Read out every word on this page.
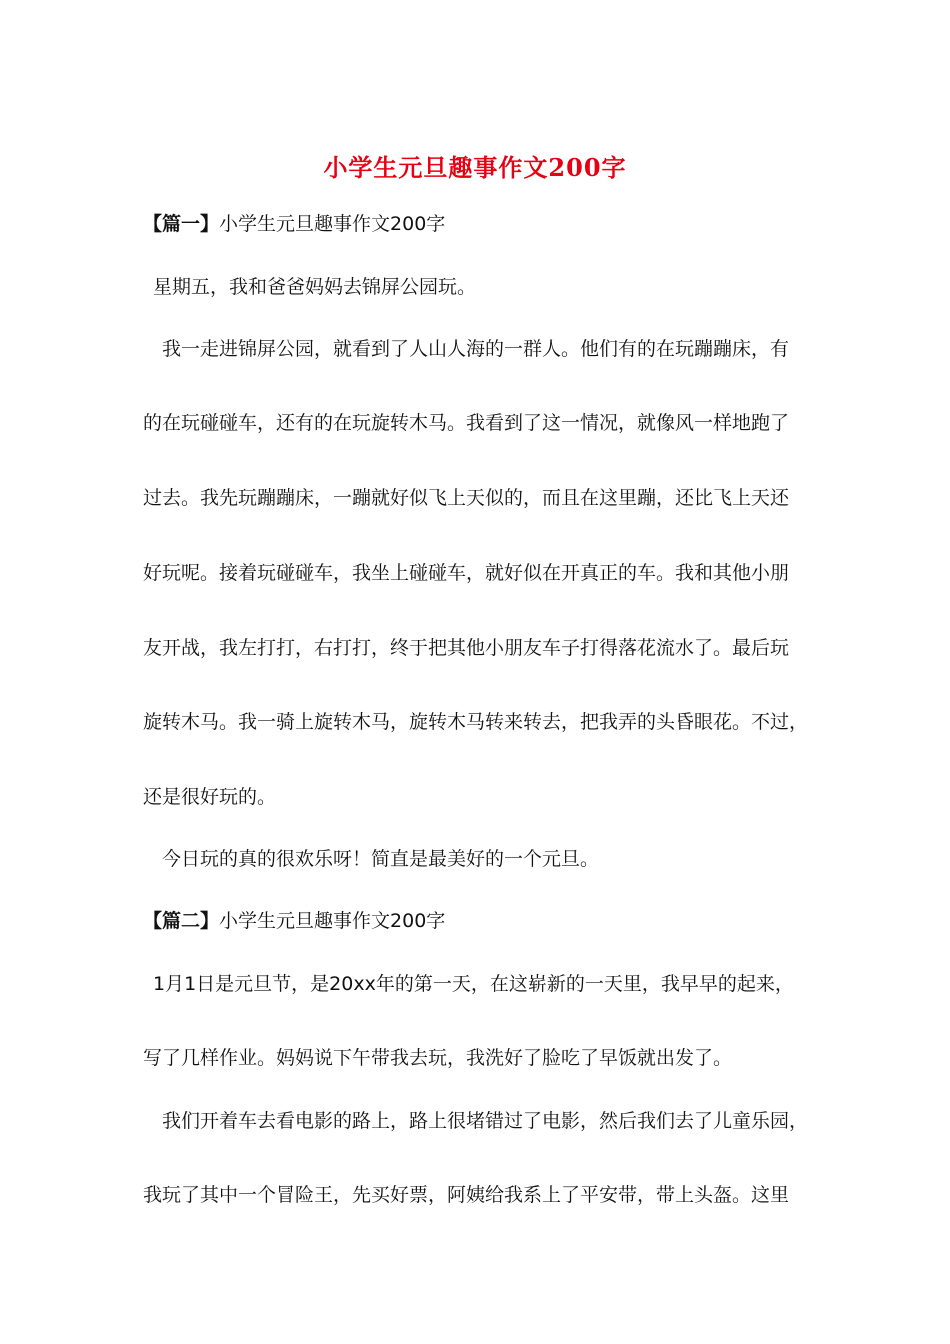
小学生元旦趣事作文200字
【篇一】小学生元旦趣事作文200字
星期五，我和爸爸妈妈去锦屏公园玩。
我一走进锦屏公园，就看到了人山人海的一群人。他们有的在玩蹦蹦床，有
的在玩碰碰车，还有的在玩旋转木马。我看到了这一情况，就像风一样地跑了
过去。我先玩蹦蹦床，一蹦就好似飞上天似的，而且在这里蹦，还比飞上天还
好玩呢。接着玩碰碰车，我坐上碰碰车，就好似在开真正的车。我和其他小朋
友开战，我左打打，右打打，终于把其他小朋友车子打得落花流水了。最后玩
旋转木马。我一骑上旋转木马，旋转木马转来转去，把我弄的头昏眼花。不过，
还是很好玩的。
今日玩的真的很欢乐呀！简直是最美好的一个元旦。
【篇二】小学生元旦趣事作文200字
1月1日是元旦节，是20xx年的第一天，在这崭新的一天里，我早早的起来，
写了几样作业。妈妈说下午带我去玩，我洗好了脸吃了早饭就出发了。
我们开着车去看电影的路上，路上很堵错过了电影，然后我们去了儿童乐园，
我玩了其中一个冒险王，先买好票，阿姨给我系上了平安带，带上头盔。这里
